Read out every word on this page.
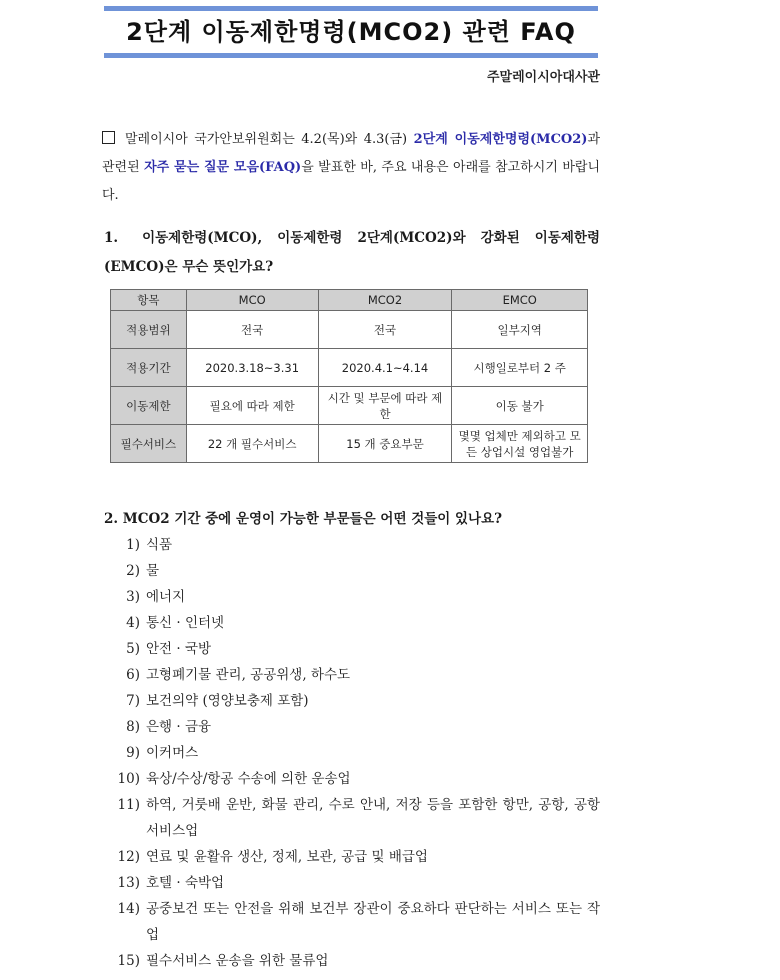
2단계 이동제한명령(MCO2) 관련 FAQ
주말레이시아대사관
말레이시아 국가안보위원회는 4.2(목)와 4.3(금) 2단계 이동제한명령(MCO2)과 관련된 자주 묻는 질문 모음(FAQ)을 발표한 바, 주요 내용은 아래를 참고하시기 바랍니다.
1. 이동제한령(MCO), 이동제한령 2단계(MCO2)와 강화된 이동제한령(EMCO)은 무슨 뜻인가요?
항목	MCO	MCO2	EMCO
적용범위	전국	전국	일부지역
적용기간	2020.3.18~3.31	2020.4.1~4.14	시행일로부터 2 주
이동제한	필요에 따라 제한	시간 및 부문에 따라 제한	이동 불가
필수서비스	22 개 필수서비스	15 개 중요부문	몇몇 업체만 제외하고 모든 상업시설 영업불가
2. MCO2 기간 중에 운영이 가능한 부문들은 어떤 것들이 있나요?
1) 식품
2) 물
3) 에너지
4) 통신 · 인터넷
5) 안전 · 국방
6) 고형폐기물 관리, 공공위생, 하수도
7) 보건의약 (영양보충제 포함)
8) 은행 · 금융
9) 이커머스
10) 육상/수상/항공 수송에 의한 운송업
11) 하역, 거룻배 운반, 화물 관리, 수로 안내, 저장 등을 포함한 항만, 공항, 공항서비스업
12) 연료 및 윤활유 생산, 정제, 보관, 공급 및 배급업
13) 호텔 · 숙박업
14) 공중보건 또는 안전을 위해 보건부 장관이 중요하다 판단하는 서비스 또는 작업
15) 필수서비스 운송을 위한 물류업
